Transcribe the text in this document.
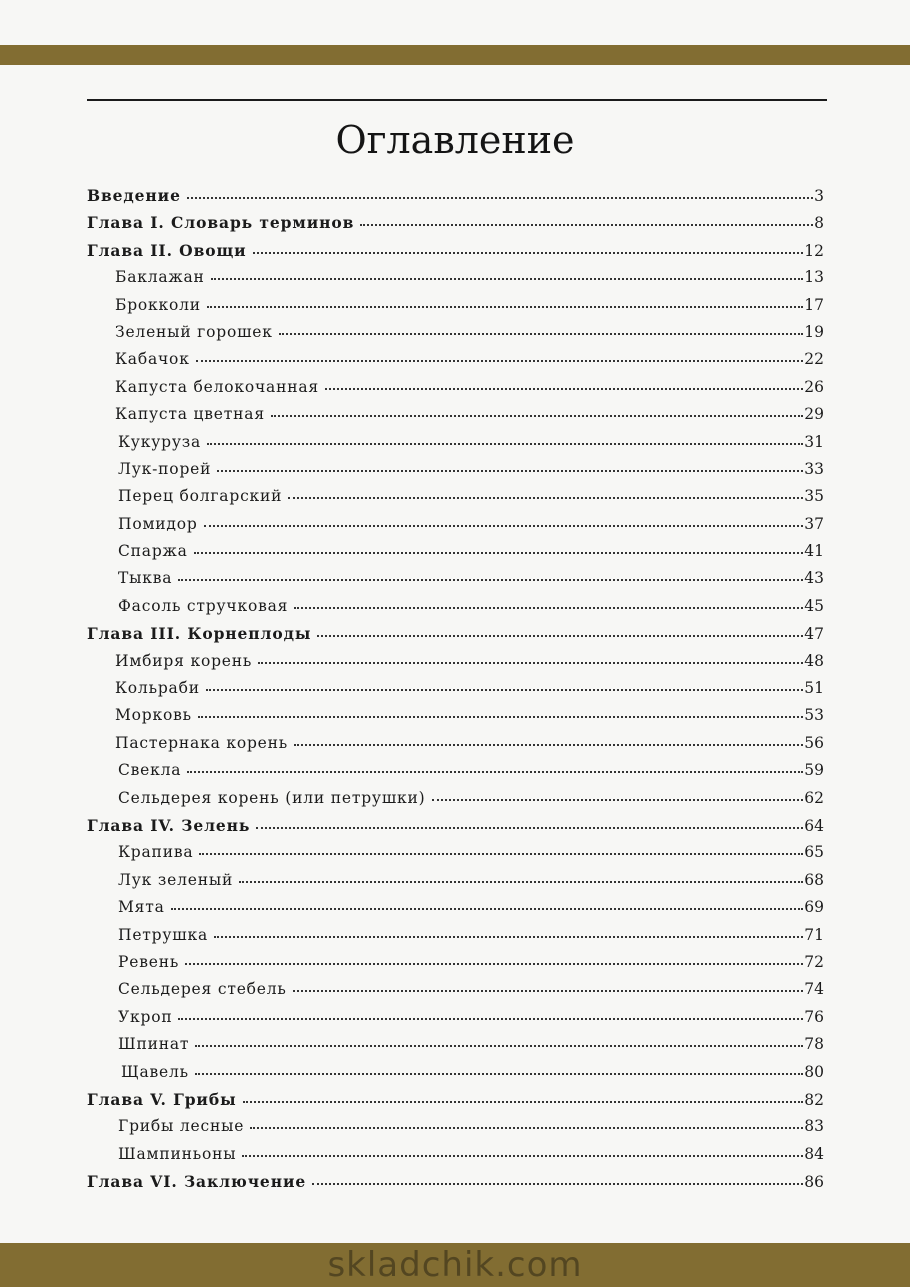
Оглавление
Введение	3
Глава I. Словарь терминов	8
Глава II. Овощи	12
Баклажан	13
Брокколи	17
Зеленый горошек	19
Кабачок	22
Капуста белокочанная	26
Капуста цветная	29
Кукуруза	31
Лук-порей	33
Перец болгарский	35
Помидор	37
Спаржа	41
Тыква	43
Фасоль стручковая	45
Глава III. Корнеплоды	47
Имбиря корень	48
Кольраби	51
Морковь	53
Пастернака корень	56
Свекла	59
Сельдерея корень (или петрушки)	62
Глава IV. Зелень	64
Крапива	65
Лук зеленый	68
Мята	69
Петрушка	71
Ревень	72
Сельдерея стебель	74
Укроп	76
Шпинат	78
Щавель	80
Глава V. Грибы	82
Грибы лесные	83
Шампиньоны	84
Глава VI. Заключение	86
skladchik.com
